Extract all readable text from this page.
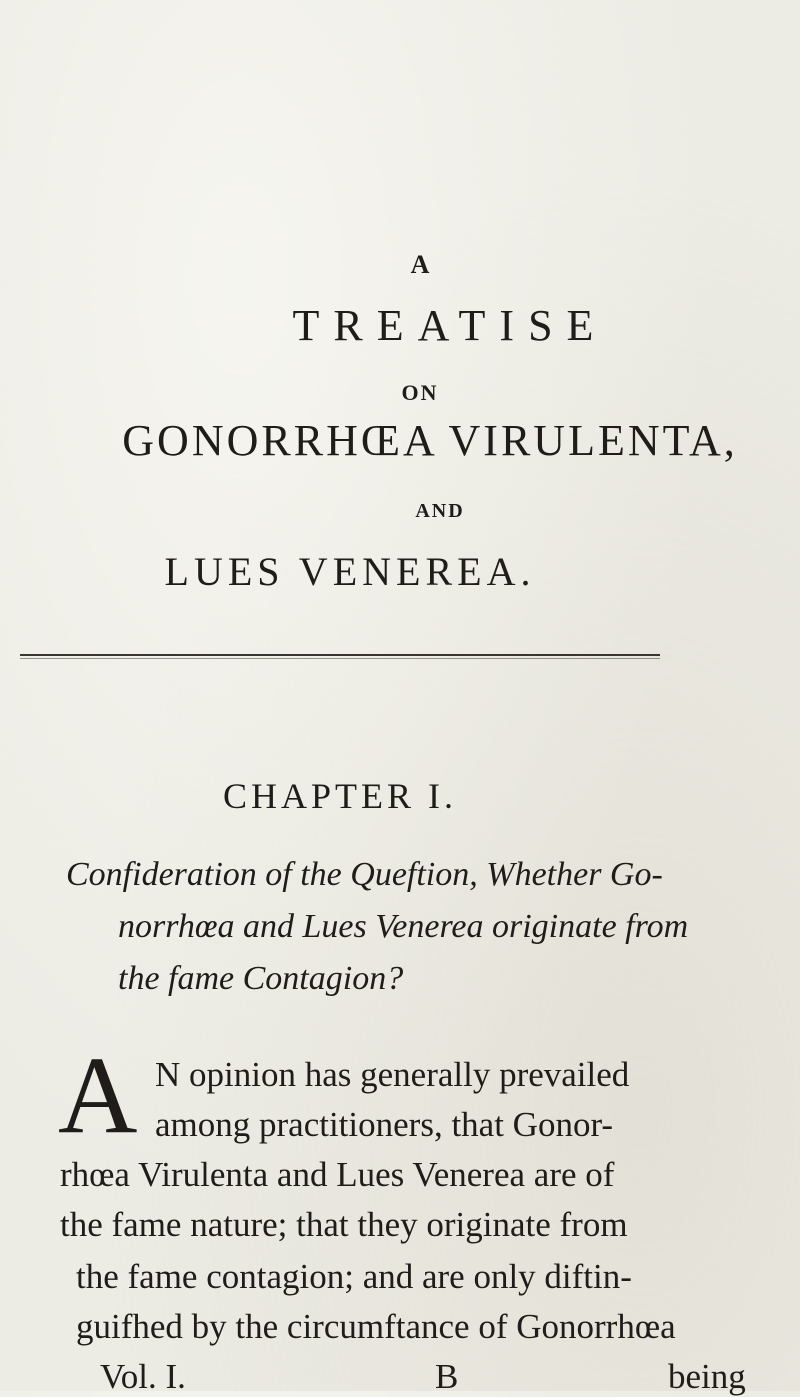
A
TREATISE
ON
GONORRHŒA VIRULENTA,
AND
LUES VENEREA.
CHAPTER I.
Confideration of the Queftion, Whether Go-
norrhœa and Lues Venerea originate from
the fame Contagion?
A N opinion has generally prevailed
among practitioners, that Gonor-
rhœa Virulenta and Lues Venerea are of
the fame nature; that they originate from
the fame contagion; and are only diftin-
guifhed by the circumftance of Gonorrhœa
Vol. I.	B	being
